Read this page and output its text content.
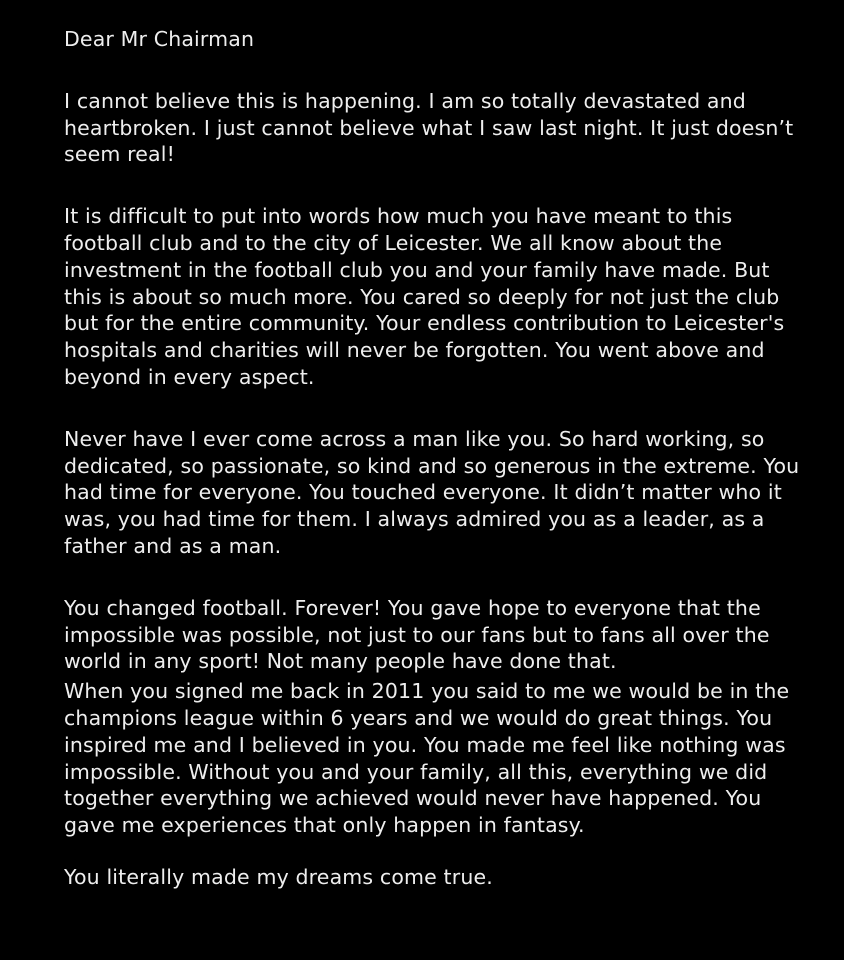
Dear Mr Chairman

I cannot believe this is happening. I am so totally devastated and heartbroken. I just cannot believe what I saw last night. It just doesn’t seem real!

It is difficult to put into words how much you have meant to this football club and to the city of Leicester. We all know about the investment in the football club you and your family have made. But this is about so much more. You cared so deeply for not just the club but for the entire community. Your endless contribution to Leicester's hospitals and charities will never be forgotten. You went above and beyond in every aspect.

Never have I ever come across a man like you. So hard working, so dedicated, so passionate, so kind and so generous in the extreme. You had time for everyone. You touched everyone. It didn’t matter who it was, you had time for them. I always admired you as a leader, as a father and as a man.

You changed football. Forever! You gave hope to everyone that the impossible was possible, not just to our fans but to fans all over the world in any sport! Not many people have done that.

When you signed me back in 2011 you said to me we would be in the champions league within 6 years and we would do great things. You inspired me and I believed in you. You made me feel like nothing was impossible. Without you and your family, all this, everything we did together everything we achieved would never have happened. You gave me experiences that only happen in fantasy.

You literally made my dreams come true.
